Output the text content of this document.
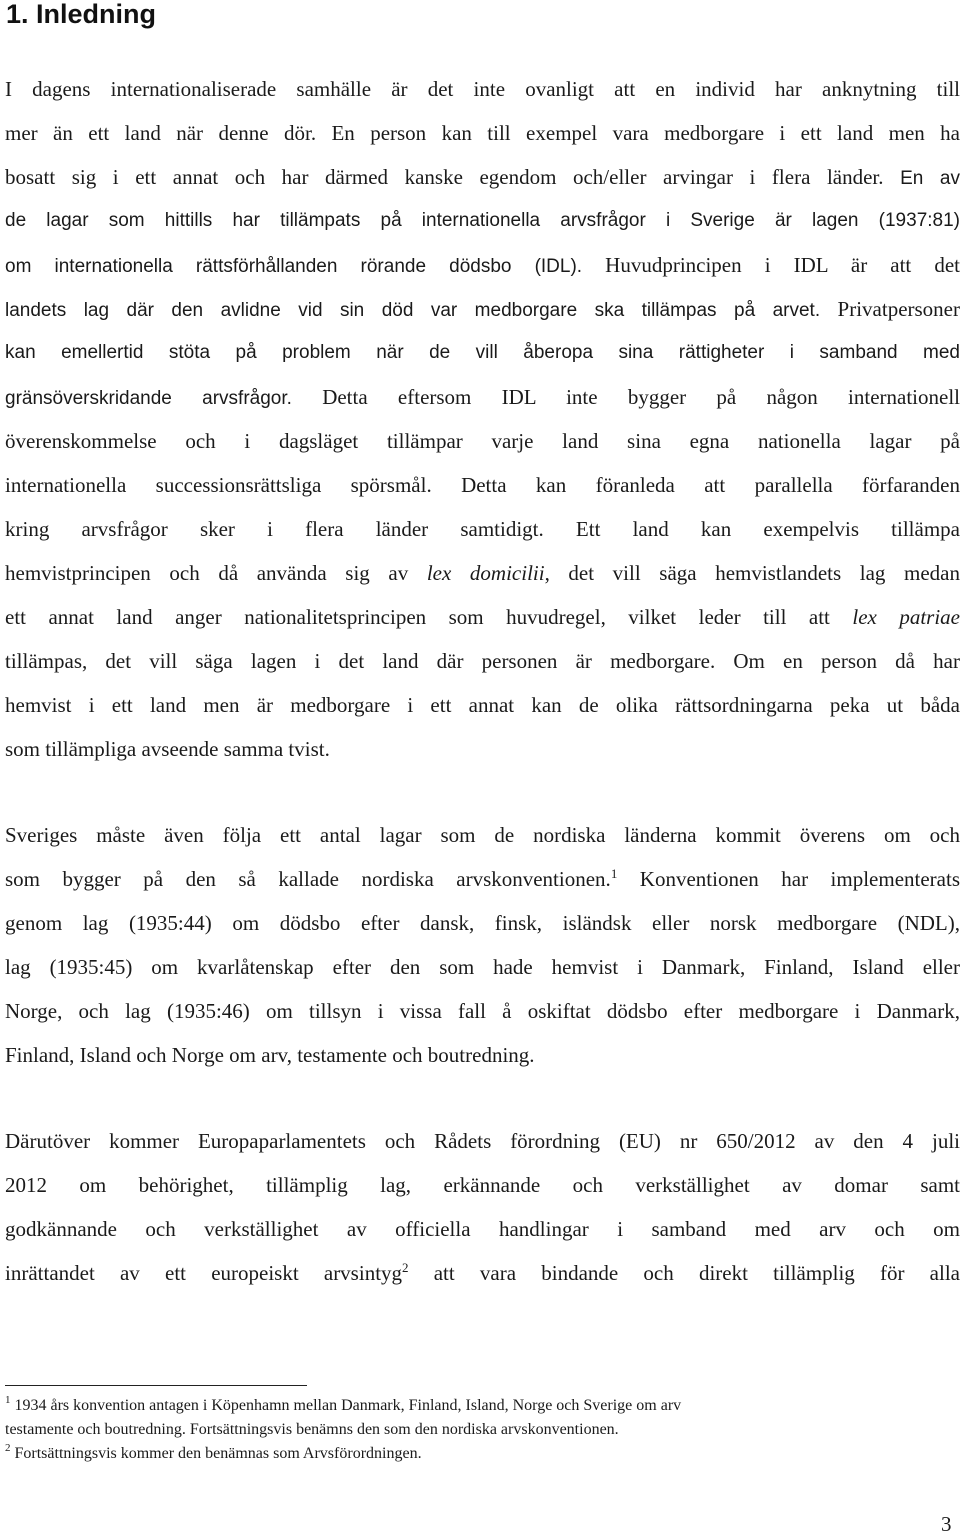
1. Inledning
I dagens internationaliserade samhälle är det inte ovanligt att en individ har anknytning till
mer än ett land när denne dör. En person kan till exempel vara medborgare i ett land men ha
bosatt sig i ett annat och har därmed kanske egendom och/eller arvingar i flera länder. En av
de lagar som hittills har tillämpats på internationella arvsfrågor i Sverige är lagen (1937:81)
om internationella rättsförhållanden rörande dödsbo (IDL). Huvudprincipen i IDL är att det
landets lag där den avlidne vid sin död var medborgare ska tillämpas på arvet. Privatpersoner
kan emellertid stöta på problem när de vill åberopa sina rättigheter i samband med
gränsöverskridande arvsfrågor. Detta eftersom IDL inte bygger på någon internationell
överenskommelse och i dagsläget tillämpar varje land sina egna nationella lagar på
internationella successionsrättsliga spörsmål. Detta kan föranleda att parallella förfaranden
kring arvsfrågor sker i flera länder samtidigt. Ett land kan exempelvis tillämpa
hemvistprincipen och då använda sig av lex domicilii, det vill säga hemvistlandets lag medan
ett annat land anger nationalitetsprincipen som huvudregel, vilket leder till att lex patriae
tillämpas, det vill säga lagen i det land där personen är medborgare. Om en person då har
hemvist i ett land men är medborgare i ett annat kan de olika rättsordningarna peka ut båda
som tillämpliga avseende samma tvist.
Sveriges måste även följa ett antal lagar som de nordiska länderna kommit överens om och
som bygger på den så kallade nordiska arvskonventionen.$^1$ Konventionen har implementerats
genom lag (1935:44) om dödsbo efter dansk, finsk, isländsk eller norsk medborgare (NDL),
lag (1935:45) om kvarlåtenskap efter den som hade hemvist i Danmark, Finland, Island eller
Norge, och lag (1935:46) om tillsyn i vissa fall å oskiftat dödsbo efter medborgare i Danmark,
Finland, Island och Norge om arv, testamente och boutredning.
Därutöver kommer Europaparlamentets och Rådets förordning (EU) nr 650/2012 av den 4 juli
2012 om behörighet, tillämplig lag, erkännande och verkställighet av domar samt
godkännande och verkställighet av officiella handlingar i samband med arv och om
inrättandet av ett europeiskt arvsintyg$^2$ att vara bindande och direkt tillämplig för alla
$^1$ 1934 års konvention antagen i Köpenhamn mellan Danmark, Finland, Island, Norge och Sverige om arv
testamente och boutredning. Fortsättningsvis benämns den som den nordiska arvskonventionen.
$^2$ Fortsättningsvis kommer den benämnas som Arvsförordningen.
3
